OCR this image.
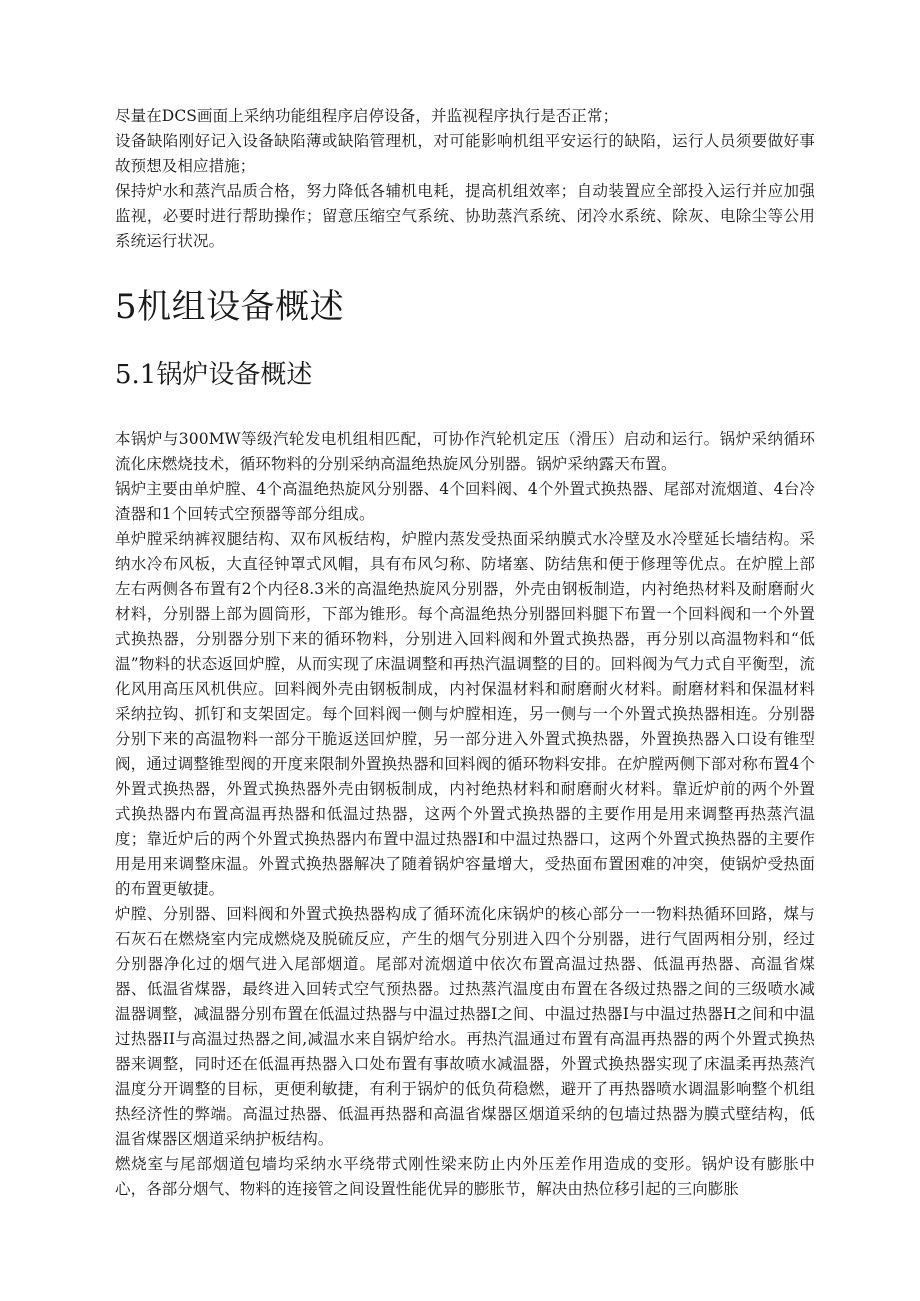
尽量在DCS画面上采纳功能组程序启停设备，并监视程序执行是否正常；

设备缺陷刚好记入设备缺陷薄或缺陷管理机，对可能影响机组平安运行的缺陷，运行人员须要做好事故预想及相应措施；

保持炉水和蒸汽品质合格，努力降低各辅机电耗，提高机组效率；自动装置应全部投入运行并应加强监视，必要时进行帮助操作；留意压缩空气系统、协助蒸汽系统、闭冷水系统、除灰、电除尘等公用系统运行状况。

5机组设备概述
5.1锅炉设备概述

本锅炉与300MW等级汽轮发电机组相匹配，可协作汽轮机定压（滑压）启动和运行。锅炉采纳循环流化床燃烧技术，循环物料的分别采纳高温绝热旋风分别器。锅炉采纳露天布置。

锅炉主要由单炉膛、4个高温绝热旋风分别器、4个回料阀、4个外置式换热器、尾部对流烟道、4台冷渣器和1个回转式空预器等部分组成。

单炉膛采纳裤衩腿结构、双布风板结构，炉膛内蒸发受热面采纳膜式水冷壁及水冷壁延长墙结构。采纳水冷布风板，大直径钟罩式风帽，具有布风匀称、防堵塞、防结焦和便于修理等优点。在炉膛上部左右两侧各布置有2个内径8.3米的高温绝热旋风分别器，外壳由钢板制造，内衬绝热材料及耐磨耐火材料，分别器上部为圆筒形，下部为锥形。每个高温绝热分别器回料腿下布置一个回料阀和一个外置式换热器，分别器分别下来的循环物料，分别进入回料阀和外置式换热器，再分别以高温物料和“低温”物料的状态返回炉膛，从而实现了床温调整和再热汽温调整的目的。回料阀为气力式自平衡型，流化风用高压风机供应。回料阀外壳由钢板制成，内衬保温材料和耐磨耐火材料。耐磨材料和保温材料采纳拉钩、抓钉和支架固定。每个回料阀一侧与炉膛相连，另一侧与一个外置式换热器相连。分别器分别下来的高温物料一部分干脆返送回炉膛，另一部分进入外置式换热器，外置换热器入口设有锥型阀，通过调整锥型阀的开度来限制外置换热器和回料阀的循环物料安排。在炉膛两侧下部对称布置4个外置式换热器，外置式换热器外壳由钢板制成，内衬绝热材料和耐磨耐火材料。靠近炉前的两个外置式换热器内布置高温再热器和低温过热器，这两个外置式换热器的主要作用是用来调整再热蒸汽温度；靠近炉后的两个外置式换热器内布置中温过热器I和中温过热器口，这两个外置式换热器的主要作用是用来调整床温。外置式换热器解决了随着锅炉容量增大，受热面布置困难的冲突，使锅炉受热面的布置更敏捷。

炉膛、分别器、回料阀和外置式换热器构成了循环流化床锅炉的核心部分一一物料热循环回路，煤与石灰石在燃烧室内完成燃烧及脱硫反应，产生的烟气分别进入四个分别器，进行气固两相分别，经过分别器净化过的烟气进入尾部烟道。尾部对流烟道中依次布置高温过热器、低温再热器、高温省煤器、低温省煤器，最终进入回转式空气预热器。过热蒸汽温度由布置在各级过热器之间的三级喷水减温器调整，减温器分别布置在低温过热器与中温过热器I之间、中温过热器I与中温过热器H之间和中温过热器II与高温过热器之间,减温水来自锅炉给水。再热汽温通过布置有高温再热器的两个外置式换热器来调整，同时还在低温再热器入口处布置有事故喷水减温器，外置式换热器实现了床温柔再热蒸汽温度分开调整的目标，更便利敏捷，有利于锅炉的低负荷稳燃，避开了再热器喷水调温影响整个机组热经济性的弊端。高温过热器、低温再热器和高温省煤器区烟道采纳的包墙过热器为膜式壁结构，低温省煤器区烟道采纳护板结构。

燃烧室与尾部烟道包墙均采纳水平绕带式刚性梁来防止内外压差作用造成的变形。锅炉设有膨胀中心，各部分烟气、物料的连接管之间设置性能优异的膨胀节，解决由热位移引起的三向膨胀
